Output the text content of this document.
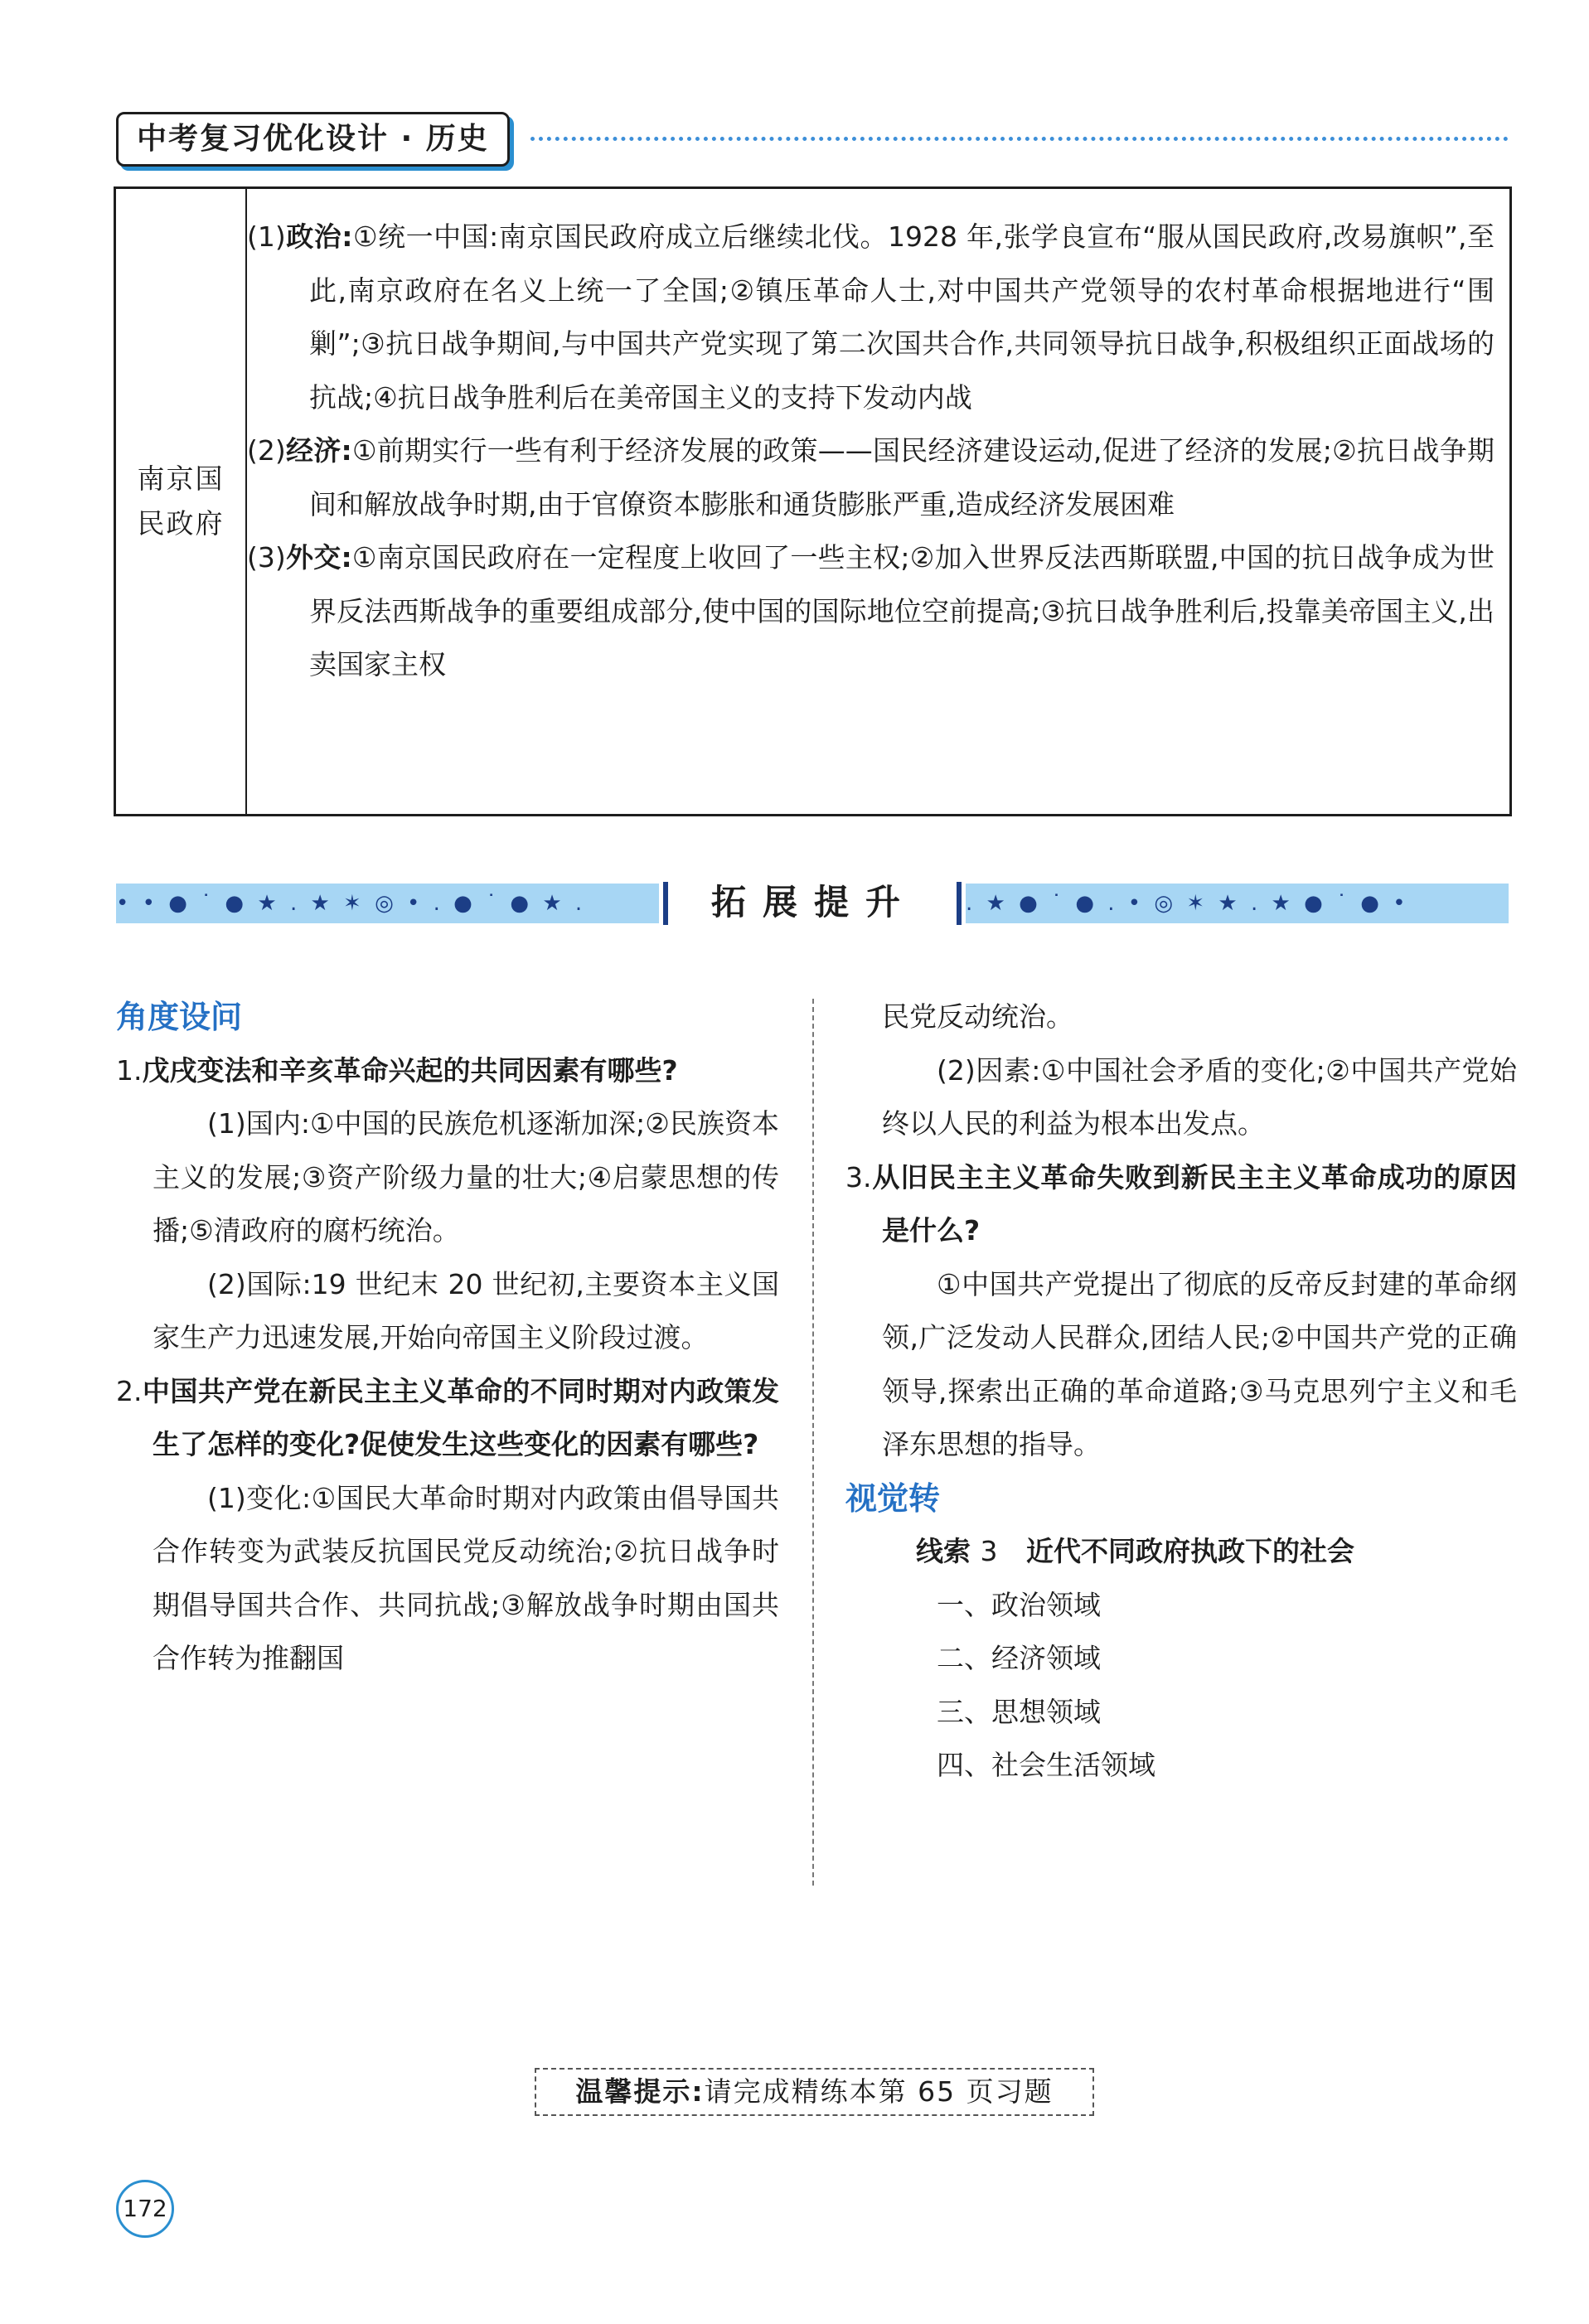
中考复习优化设计 · 历史
南京国民政府
(1)政治:①统一中国:南京国民政府成立后继续北伐。1928 年,张学良宣布“服从国民政府,改易旗帜”,至此,南京政府在名义上统一了全国;②镇压革命人士,对中国共产党领导的农村革命根据地进行“围剿”;③抗日战争期间,与中国共产党实现了第二次国共合作,共同领导抗日战争,积极组织正面战场的抗战;④抗日战争胜利后在美帝国主义的支持下发动内战
(2)经济:①前期实行一些有利于经济发展的政策——国民经济建设运动,促进了经济的发展;②抗日战争期间和解放战争时期,由于官僚资本膨胀和通货膨胀严重,造成经济发展困难
(3)外交:①南京国民政府在一定程度上收回了一些主权;②加入世界反法西斯联盟,中国的抗日战争成为世界反法西斯战争的重要组成部分,使中国的国际地位空前提高;③抗日战争胜利后,投靠美帝国主义,出卖国家主权
• • ● ˙ ● ★ . ★ ✶ ◎ • . ● ˙ ● ★ .	拓展提升	. ★ ● ˙ ● . • ◎ ✶ ★ . ★ ● ˙ ● •
角度设问
1.戊戌变法和辛亥革命兴起的共同因素有哪些?
(1)国内:①中国的民族危机逐渐加深;②民族资本主义的发展;③资产阶级力量的壮大;④启蒙思想的传播;⑤清政府的腐朽统治。
(2)国际:19 世纪末 20 世纪初,主要资本主义国家生产力迅速发展,开始向帝国主义阶段过渡。
2.中国共产党在新民主主义革命的不同时期对内政策发生了怎样的变化?促使发生这些变化的因素有哪些?
(1)变化:①国民大革命时期对内政策由倡导国共合作转变为武装反抗国民党反动统治;②抗日战争时期倡导国共合作、共同抗战;③解放战争时期由国共合作转为推翻国
民党反动统治。
(2)因素:①中国社会矛盾的变化;②中国共产党始终以人民的利益为根本出发点。
3.从旧民主主义革命失败到新民主主义革命成功的原因是什么?
①中国共产党提出了彻底的反帝反封建的革命纲领,广泛发动人民群众,团结人民;②中国共产党的正确领导,探索出正确的革命道路;③马克思列宁主义和毛泽东思想的指导。
视觉转
线索 3 近代不同政府执政下的社会
一、政治领域
二、经济领域
三、思想领域
四、社会生活领域
温馨提示:请完成精练本第 65 页习题
172
